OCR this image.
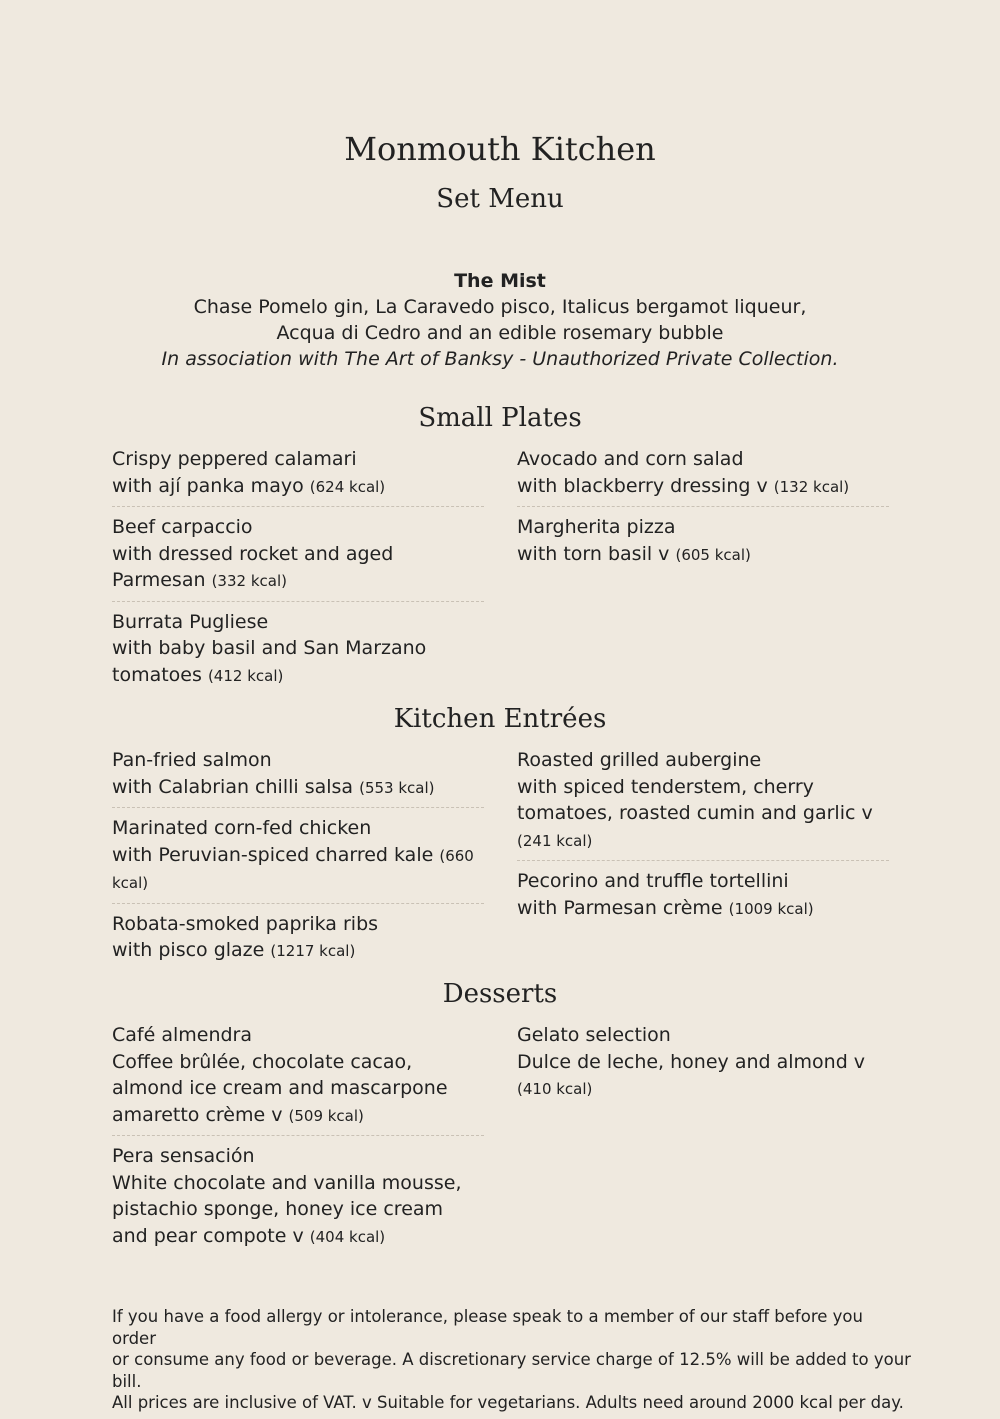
Monmouth Kitchen
Set Menu
The Mist
Chase Pomelo gin, La Caravedo pisco, Italicus bergamot liqueur,
Acqua di Cedro and an edible rosemary bubble
In association with The Art of Banksy - Unauthorized Private Collection.
Small Plates
Crispy peppered calamari
with ají panka mayo (624 kcal)
Beef carpaccio
with dressed rocket and aged Parmesan (332 kcal)
Burrata Pugliese
with baby basil and San Marzano tomatoes (412 kcal)
Avocado and corn salad
with blackberry dressing v (132 kcal)
Margherita pizza
with torn basil v (605 kcal)
Kitchen Entrées
Pan-fried salmon
with Calabrian chilli salsa (553 kcal)
Marinated corn-fed chicken
with Peruvian-spiced charred kale (660 kcal)
Robata-smoked paprika ribs
with pisco glaze (1217 kcal)
Roasted grilled aubergine
with spiced tenderstem, cherry tomatoes, roasted cumin and garlic v (241 kcal)
Pecorino and truffle tortellini
with Parmesan crème (1009 kcal)
Desserts
Café almendra
Coffee brûlée, chocolate cacao, almond ice cream and mascarpone amaretto crème v (509 kcal)
Pera sensación
White chocolate and vanilla mousse, pistachio sponge, honey ice cream and pear compote v (404 kcal)
Gelato selection
Dulce de leche, honey and almond v (410 kcal)
If you have a food allergy or intolerance, please speak to a member of our staff before you order
or consume any food or beverage. A discretionary service charge of 12.5% will be added to your bill.
All prices are inclusive of VAT. v Suitable for vegetarians. Adults need around 2000 kcal per day.
